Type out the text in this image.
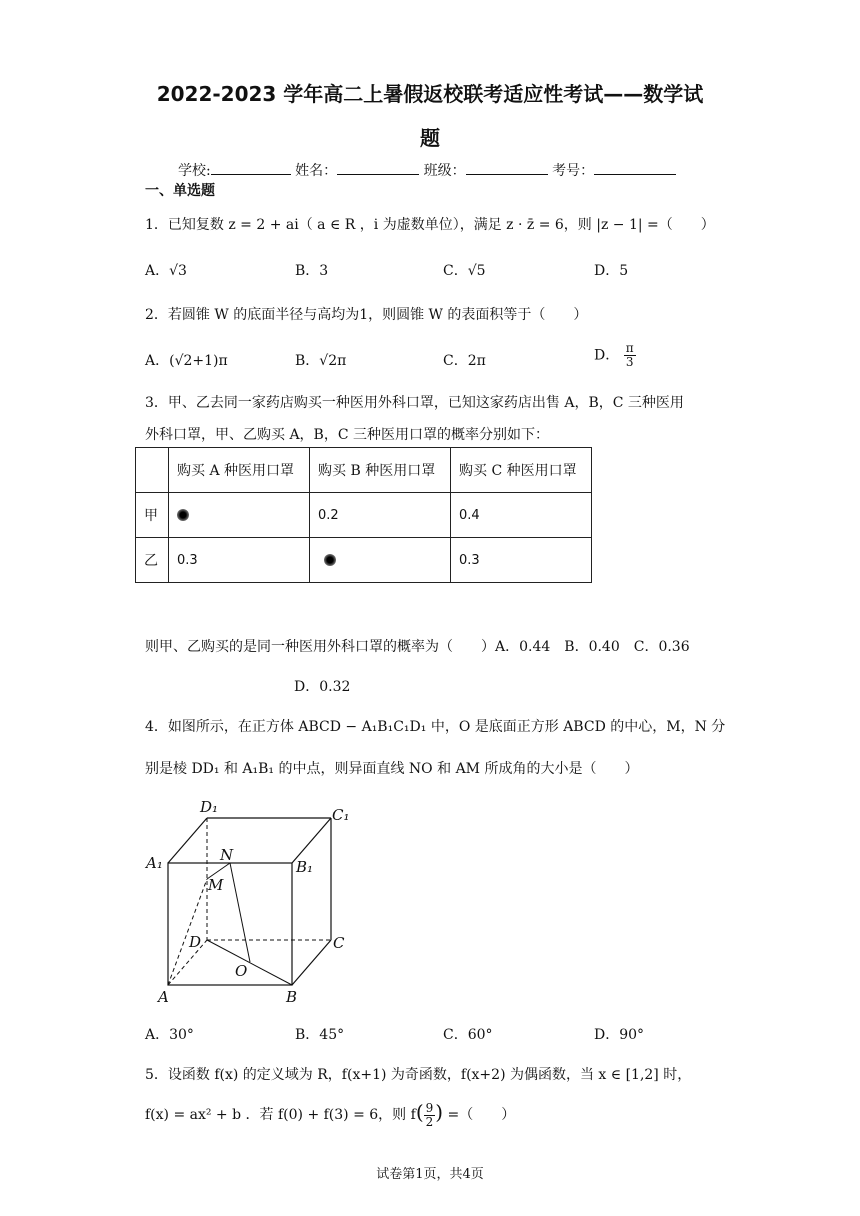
2022-2023 学年高二上暑假返校联考适应性考试——数学试
题
学校:	姓名：	班级：	考号：
一、单选题
1．已知复数 z = 2 + ai（ a ∈ R ，i 为虚数单位），满足 z · z̄ = 6，则 |z − 1| =（　　）
A．√3	B．3	C．√5	D．5
2．若圆锥 W 的底面半径与高均为1，则圆锥 W 的表面积等于（　　）
A．(√2+1)π	B．√2π	C．2π	D． $\frac{\pi}{3}$
3．甲、乙去同一家药店购买一种医用外科口罩，已知这家药店出售 A，B，C 三种医用
外科口罩，甲、乙购买 A，B，C 三种医用口罩的概率分别如下：
	购买 A 种医用口罩	购买 B 种医用口罩	购买 C 种医用口罩
甲		0.2	0.4
乙	0.3		0.3
则甲、乙购买的是同一种医用外科口罩的概率为（　　）A．0.44　B．0.40　C．0.36
D．0.32
4．如图所示，在正方体 ABCD − A₁B₁C₁D₁ 中，O 是底面正方形 ABCD 的中心，M，N 分
别是棱 DD₁ 和 A₁B₁ 的中点，则异面直线 NO 和 AM 所成角的大小是（　　）
D₁	C₁
A₁	B₁
N
M
D	C
O
A	B
A．30°	B．45°	C．60°	D．90°
5．设函数 f(x) 的定义域为 R，f(x+1) 为奇函数，f(x+2) 为偶函数，当 x ∈ [1,2] 时，
f(x) = ax² + b ．若 f(0) + f(3) = 6，则 $f( \frac{9}{2}$ ) =（　　）
试卷第1页，共4页
